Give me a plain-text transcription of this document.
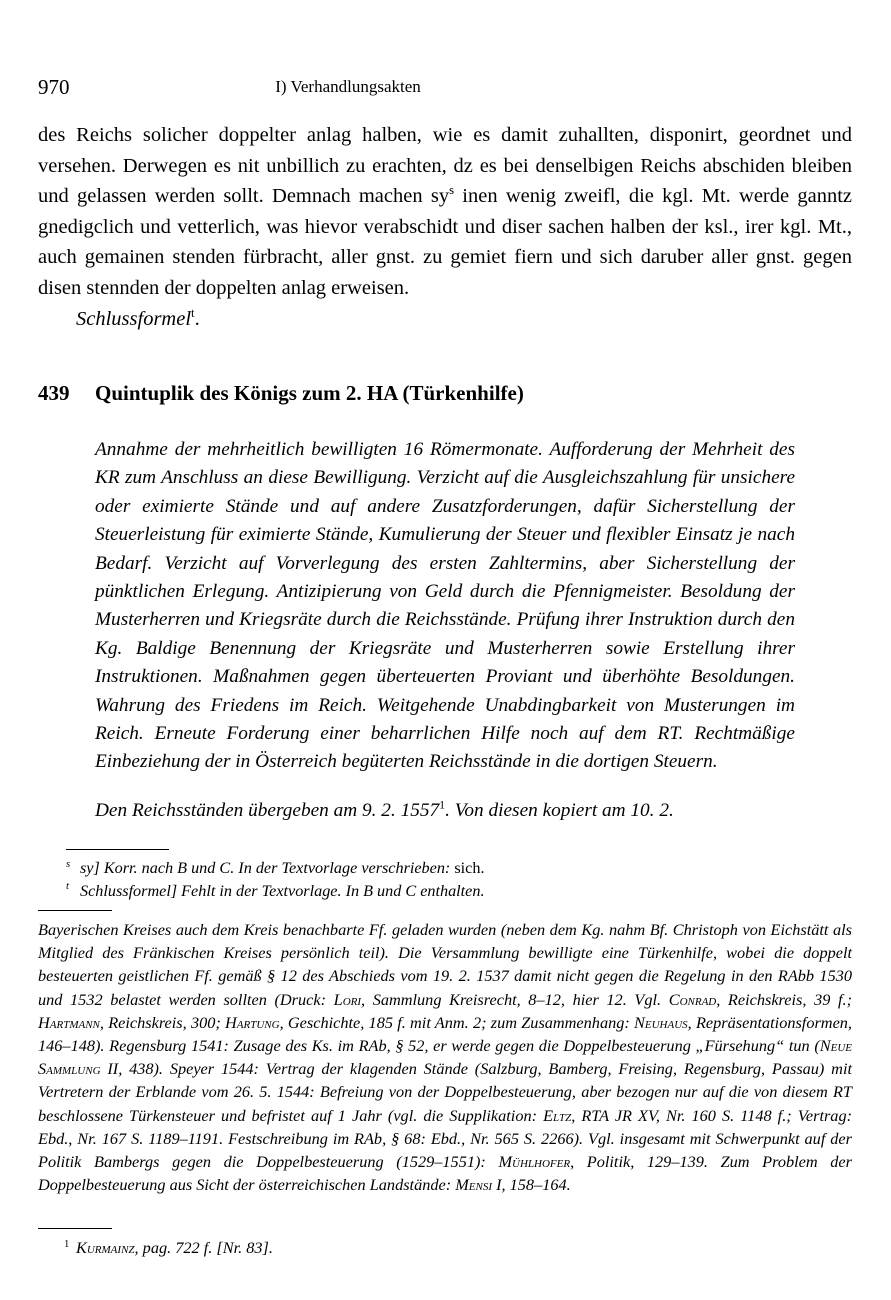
970	I) Verhandlungsakten

des Reichs solicher doppelter anlag halben, wie es damit zuhallten, disponirt, geordnet und versehen. Derwegen es nit unbillich zu erachten, dz es bei denselbigen Reichs abschiden bleiben und gelassen werden sollt. Demnach machen $sy^s$ inen wenig zweifl, die kgl. Mt. werde ganntz gnedigclich und vetterlich, was hievor verabschidt und diser sachen halben der ksl., irer kgl. Mt., auch gemainen stenden fürbracht, aller gnst. zu gemiet fiern und sich daruber aller gnst. gegen disen stennden der doppelten anlag erweisen.

Schlussformel$^t$.

439 Quintuplik des Königs zum 2. HA (Türkenhilfe)

Annahme der mehrheitlich bewilligten 16 Römermonate. Aufforderung der Mehrheit des KR zum Anschluss an diese Bewilligung. Verzicht auf die Ausgleichszahlung für unsichere oder eximierte Stände und auf andere Zusatzforderungen, dafür Sicherstellung der Steuerleistung für eximierte Stände, Kumulierung der Steuer und flexibler Einsatz je nach Bedarf. Verzicht auf Vorverlegung des ersten Zahltermins, aber Sicherstellung der pünktlichen Erlegung. Antizipierung von Geld durch die Pfennigmeister. Besoldung der Musterherren und Kriegsräte durch die Reichsstände. Prüfung ihrer Instruktion durch den Kg. Baldige Benennung der Kriegsräte und Musterherren sowie Erstellung ihrer Instruktionen. Maßnahmen gegen überteuerten Proviant und überhöhte Besoldungen. Wahrung des Friedens im Reich. Weitgehende Unabdingbarkeit von Musterungen im Reich. Erneute Forderung einer beharrlichen Hilfe noch auf dem RT. Rechtmäßige Einbeziehung der in Österreich begüterten Reichsstände in die dortigen Steuern.

Den Reichsständen übergeben am 9. 2. 1557$^1$. Von diesen kopiert am 10. 2.

s sy] Korr. nach B und C. In der Textvorlage verschrieben: sich.

t Schlussformel] Fehlt in der Textvorlage. In B und C enthalten.

Bayerischen Kreises auch dem Kreis benachbarte Ff. geladen wurden (neben dem Kg. nahm Bf. Christoph von Eichstätt als Mitglied des Fränkischen Kreises persönlich teil). Die Versammlung bewilligte eine Türkenhilfe, wobei die doppelt besteuerten geistlichen Ff. gemäß § 12 des Abschieds vom 19. 2. 1537 damit nicht gegen die Regelung in den RAbb 1530 und 1532 belastet werden sollten (Druck: Lori, Sammlung Kreisrecht, 8–12, hier 12. Vgl. Conrad, Reichskreis, 39 f.; Hartmann, Reichskreis, 300; Hartung, Geschichte, 185 f. mit Anm. 2; zum Zusammenhang: Neuhaus, Repräsentationsformen, 146–148). Regensburg 1541: Zusage des Ks. im RAb, § 52, er werde gegen die Doppelbesteuerung „Fürsehung“ tun (Neue Sammlung II, 438). Speyer 1544: Vertrag der klagenden Stände (Salzburg, Bamberg, Freising, Regensburg, Passau) mit Vertretern der Erblande vom 26. 5. 1544: Befreiung von der Doppelbesteuerung, aber bezogen nur auf die von diesem RT beschlossene Türkensteuer und befristet auf 1 Jahr (vgl. die Supplikation: Eltz, RTA JR XV, Nr. 160 S. 1148 f.; Vertrag: Ebd., Nr. 167 S. 1189–1191. Festschreibung im RAb, § 68: Ebd., Nr. 565 S. 2266). Vgl. insgesamt mit Schwerpunkt auf der Politik Bambergs gegen die Doppelbesteuerung (1529–1551): Mühlhofer, Politik, 129–139. Zum Problem der Doppelbesteuerung aus Sicht der österreichischen Landstände: Mensi I, 158–164.

1 Kurmainz, pag. 722 f. [Nr. 83].
